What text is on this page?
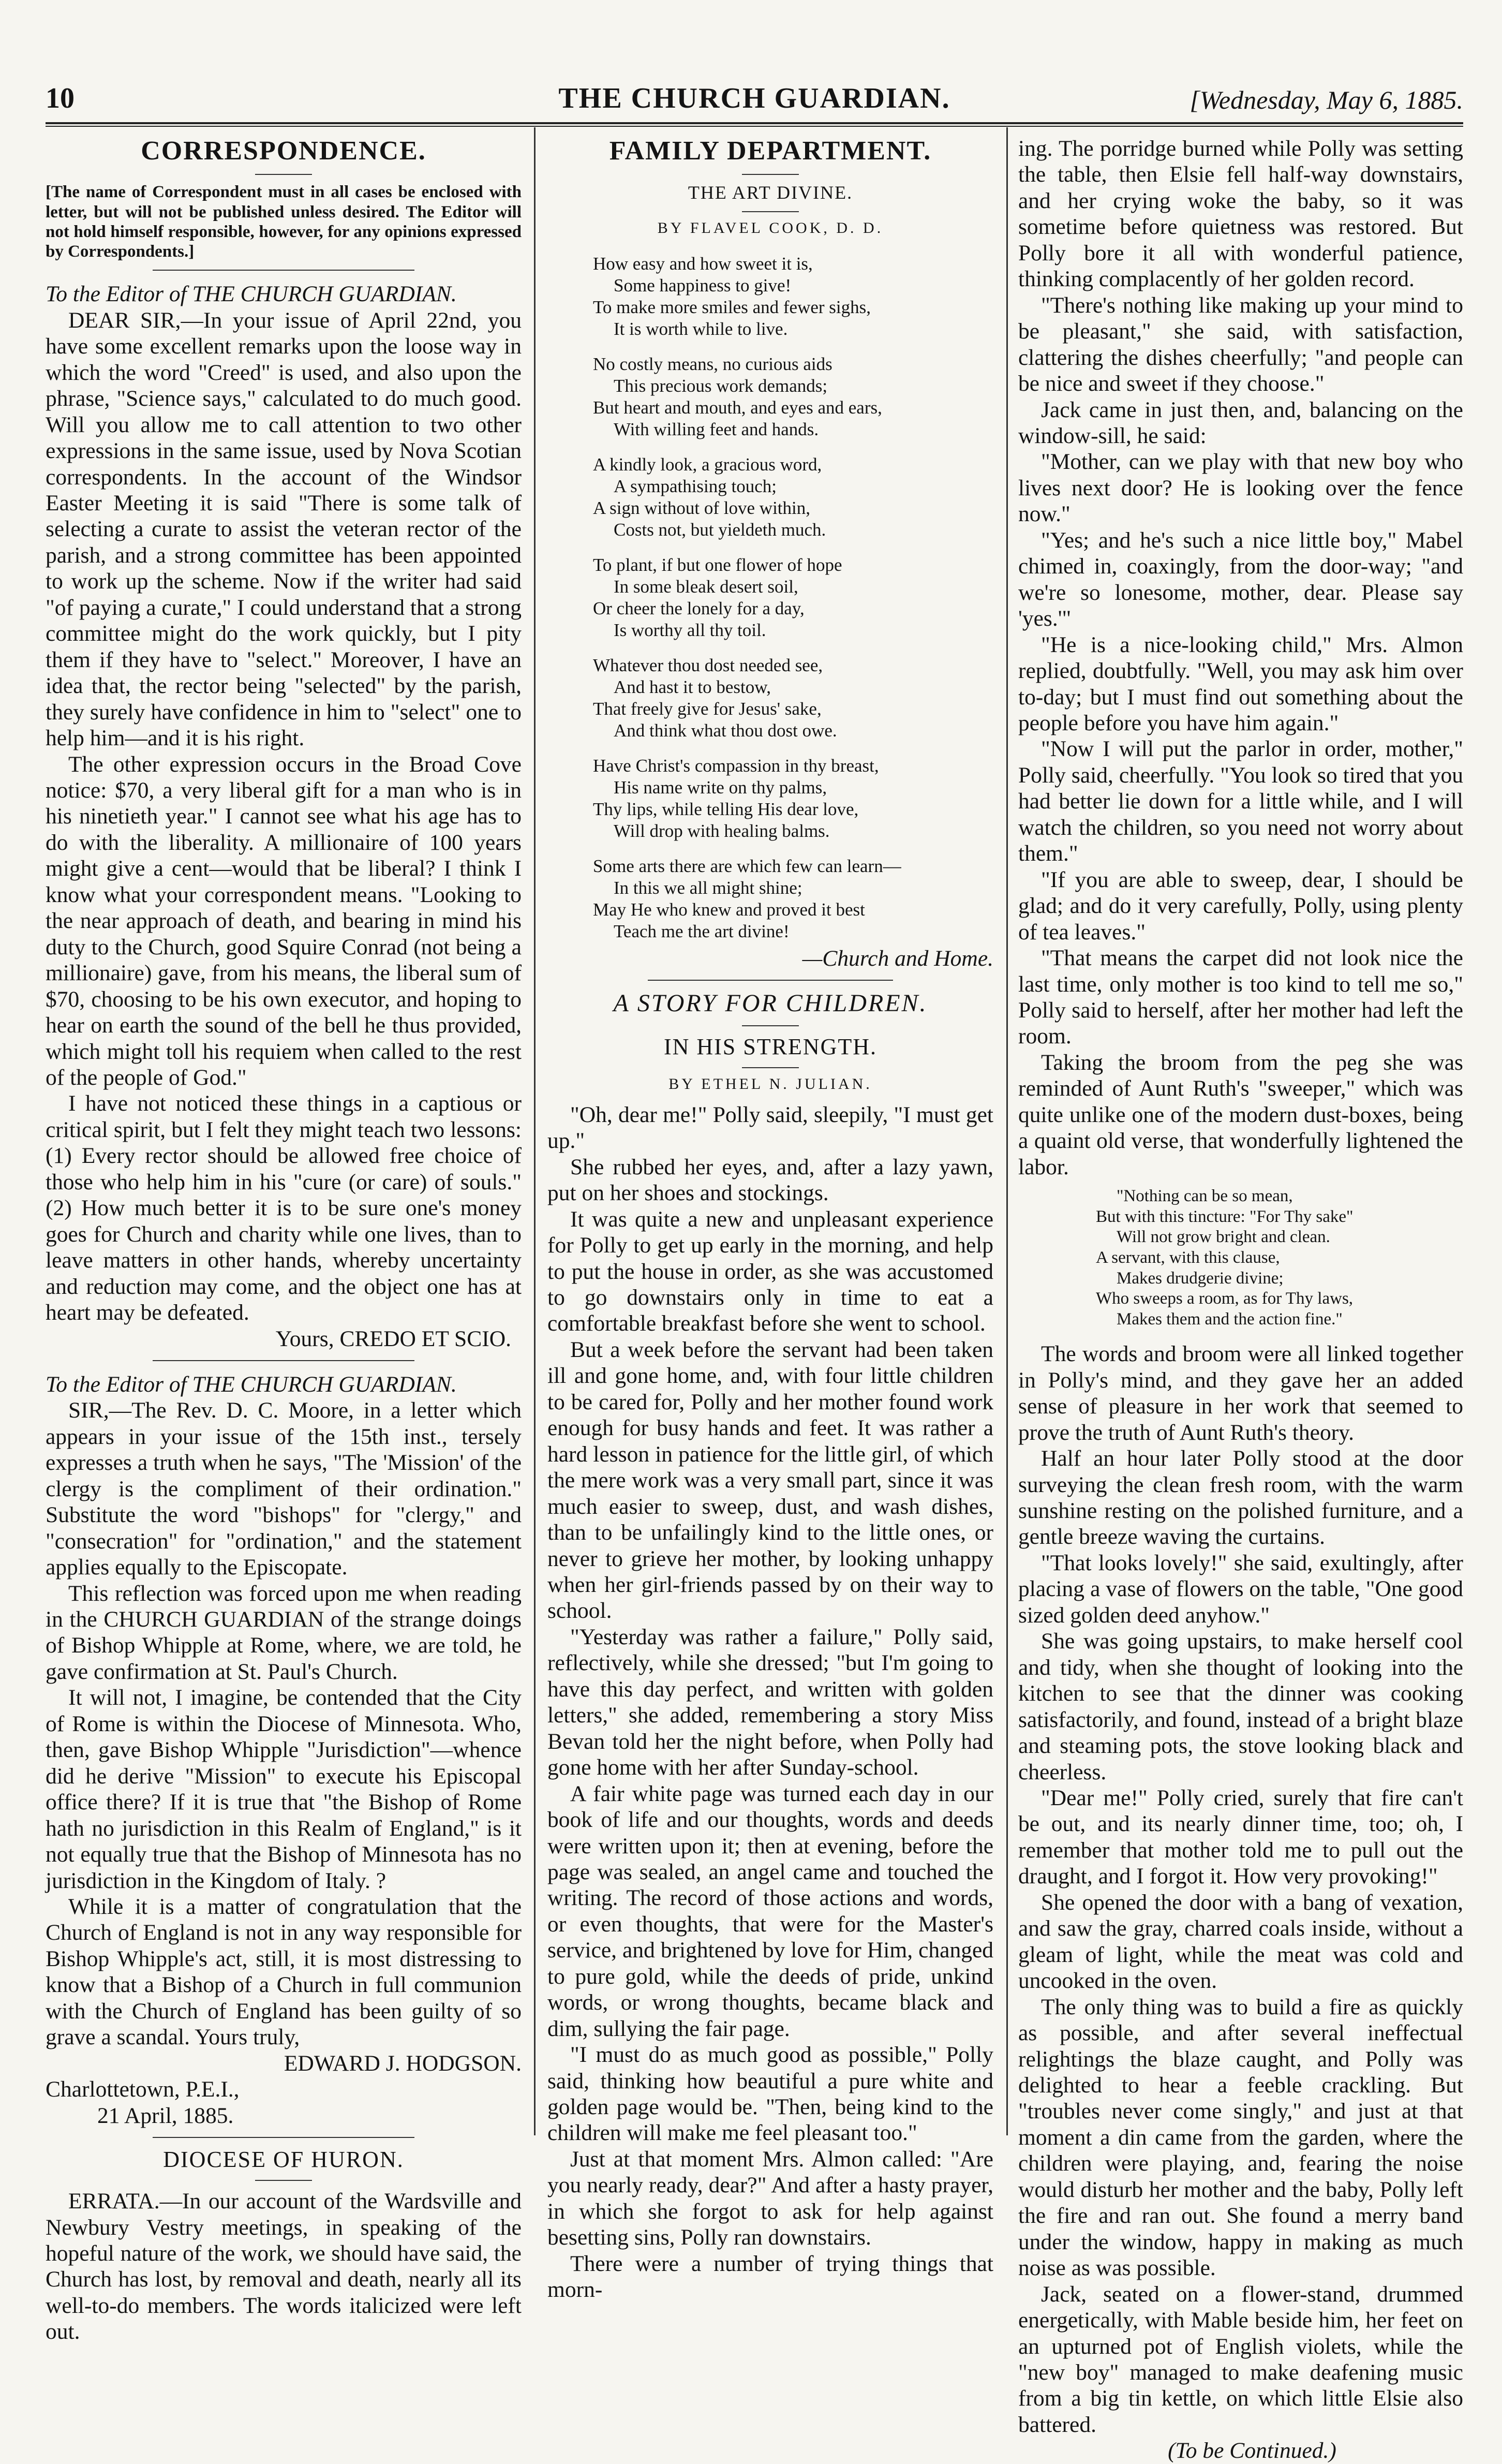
10	THE CHURCH GUARDIAN.	[Wednesday, May 6, 1885.
CORRESPONDENCE.

[The name of Correspondent must in all cases be enclosed with letter, but will not be published unless desired. The Editor will not hold himself responsible, however, for any opinions expressed by Correspondents.]

To the Editor of THE CHURCH GUARDIAN.

DEAR SIR,—In your issue of April 22nd, you have some excellent remarks upon the loose way in which the word "Creed" is used, and also upon the phrase, "Science says," calculated to do much good. Will you allow me to call attention to two other expressions in the same issue, used by Nova Scotian correspondents. In the account of the Windsor Easter Meeting it is said "There is some talk of selecting a curate to assist the veteran rector of the parish, and a strong committee has been appointed to work up the scheme. Now if the writer had said "of paying a curate," I could understand that a strong committee might do the work quickly, but I pity them if they have to "select." Moreover, I have an idea that, the rector being "selected" by the parish, they surely have confidence in him to "select" one to help him—and it is his right.

The other expression occurs in the Broad Cove notice: $70, a very liberal gift for a man who is in his ninetieth year." I cannot see what his age has to do with the liberality. A millionaire of 100 years might give a cent—would that be liberal? I think I know what your correspondent means. "Looking to the near approach of death, and bearing in mind his duty to the Church, good Squire Conrad (not being a millionaire) gave, from his means, the liberal sum of $70, choosing to be his own executor, and hoping to hear on earth the sound of the bell he thus provided, which might toll his requiem when called to the rest of the people of God."

I have not noticed these things in a captious or critical spirit, but I felt they might teach two lessons: (1) Every rector should be allowed free choice of those who help him in his "cure (or care) of souls." (2) How much better it is to be sure one's money goes for Church and charity while one lives, than to leave matters in other hands, whereby uncertainty and reduction may come, and the object one has at heart may be defeated.

Yours, CREDO ET SCIO.

To the Editor of THE CHURCH GUARDIAN.

SIR,—The Rev. D. C. Moore, in a letter which appears in your issue of the 15th inst., tersely expresses a truth when he says, "The 'Mission' of the clergy is the compliment of their ordination." Substitute the word "bishops" for "clergy," and "consecration" for "ordination," and the statement applies equally to the Episcopate.

This reflection was forced upon me when reading in the CHURCH GUARDIAN of the strange doings of Bishop Whipple at Rome, where, we are told, he gave confirmation at St. Paul's Church.

It will not, I imagine, be contended that the City of Rome is within the Diocese of Minnesota. Who, then, gave Bishop Whipple "Jurisdiction"—whence did he derive "Mission" to execute his Episcopal office there? If it is true that "the Bishop of Rome hath no jurisdiction in this Realm of England," is it not equally true that the Bishop of Minnesota has no jurisdiction in the Kingdom of Italy. ?

While it is a matter of congratulation that the Church of England is not in any way responsible for Bishop Whipple's act, still, it is most distressing to know that a Bishop of a Church in full communion with the Church of England has been guilty of so grave a scandal. Yours truly,

EDWARD J. HODGSON.

Charlottetown, P.E.I.,

21 April, 1885.

DIOCESE OF HURON.

ERRATA.—In our account of the Wardsville and Newbury Vestry meetings, in speaking of the hopeful nature of the work, we should have said, the Church has lost, by removal and death, nearly all its well-to-do members. The words italicized were left out.

FAMILY DEPARTMENT.
THE ART DIVINE.
BY FLAVEL COOK, D. D.
How easy and how sweet it is,
Some happiness to give!
To make more smiles and fewer sighs,
It is worth while to live.
No costly means, no curious aids
This precious work demands;
But heart and mouth, and eyes and ears,
With willing feet and hands.
A kindly look, a gracious word,
A sympathising touch;
A sign without of love within,
Costs not, but yieldeth much.
To plant, if but one flower of hope
In some bleak desert soil,
Or cheer the lonely for a day,
Is worthy all thy toil.
Whatever thou dost needed see,
And hast it to bestow,
That freely give for Jesus' sake,
And think what thou dost owe.
Have Christ's compassion in thy breast,
His name write on thy palms,
Thy lips, while telling His dear love,
Will drop with healing balms.
Some arts there are which few can learn—
In this we all might shine;
May He who knew and proved it best
Teach me the art divine!

—Church and Home.

A STORY FOR CHILDREN.
IN HIS STRENGTH.
BY ETHEL N. JULIAN.

"Oh, dear me!" Polly said, sleepily, "I must get up."

She rubbed her eyes, and, after a lazy yawn, put on her shoes and stockings.

It was quite a new and unpleasant experience for Polly to get up early in the morning, and help to put the house in order, as she was accustomed to go downstairs only in time to eat a comfortable breakfast before she went to school.

But a week before the servant had been taken ill and gone home, and, with four little children to be cared for, Polly and her mother found work enough for busy hands and feet. It was rather a hard lesson in patience for the little girl, of which the mere work was a very small part, since it was much easier to sweep, dust, and wash dishes, than to be unfailingly kind to the little ones, or never to grieve her mother, by looking unhappy when her girl-friends passed by on their way to school.

"Yesterday was rather a failure," Polly said, reflectively, while she dressed; "but I'm going to have this day perfect, and written with golden letters," she added, remembering a story Miss Bevan told her the night before, when Polly had gone home with her after Sunday-school.

A fair white page was turned each day in our book of life and our thoughts, words and deeds were written upon it; then at evening, before the page was sealed, an angel came and touched the writing. The record of those actions and words, or even thoughts, that were for the Master's service, and brightened by love for Him, changed to pure gold, while the deeds of pride, unkind words, or wrong thoughts, became black and dim, sullying the fair page.

"I must do as much good as possible," Polly said, thinking how beautiful a pure white and golden page would be. "Then, being kind to the children will make me feel pleasant too."

Just at that moment Mrs. Almon called: "Are you nearly ready, dear?" And after a hasty prayer, in which she forgot to ask for help against besetting sins, Polly ran downstairs.

There were a number of trying things that morn-

ing. The porridge burned while Polly was setting the table, then Elsie fell half-way downstairs, and her crying woke the baby, so it was sometime before quietness was restored. But Polly bore it all with wonderful patience, thinking complacently of her golden record.

"There's nothing like making up your mind to be pleasant," she said, with satisfaction, clattering the dishes cheerfully; "and people can be nice and sweet if they choose."

Jack came in just then, and, balancing on the window-sill, he said:

"Mother, can we play with that new boy who lives next door? He is looking over the fence now."

"Yes; and he's such a nice little boy," Mabel chimed in, coaxingly, from the door-way; "and we're so lonesome, mother, dear. Please say 'yes.'"

"He is a nice-looking child," Mrs. Almon replied, doubtfully. "Well, you may ask him over to-day; but I must find out something about the people before you have him again."

"Now I will put the parlor in order, mother," Polly said, cheerfully. "You look so tired that you had better lie down for a little while, and I will watch the children, so you need not worry about them."

"If you are able to sweep, dear, I should be glad; and do it very carefully, Polly, using plenty of tea leaves."

"That means the carpet did not look nice the last time, only mother is too kind to tell me so," Polly said to herself, after her mother had left the room.

Taking the broom from the peg she was reminded of Aunt Ruth's "sweeper," which was quite unlike one of the modern dust-boxes, being a quaint old verse, that wonderfully lightened the labor.

"Nothing can be so mean,
But with this tincture: "For Thy sake"
Will not grow bright and clean.
A servant, with this clause,
Makes drudgerie divine;
Who sweeps a room, as for Thy laws,
Makes them and the action fine."

The words and broom were all linked together in Polly's mind, and they gave her an added sense of pleasure in her work that seemed to prove the truth of Aunt Ruth's theory.

Half an hour later Polly stood at the door surveying the clean fresh room, with the warm sunshine resting on the polished furniture, and a gentle breeze waving the curtains.

"That looks lovely!" she said, exultingly, after placing a vase of flowers on the table, "One good sized golden deed anyhow."

She was going upstairs, to make herself cool and tidy, when she thought of looking into the kitchen to see that the dinner was cooking satisfactorily, and found, instead of a bright blaze and steaming pots, the stove looking black and cheerless.

"Dear me!" Polly cried, surely that fire can't be out, and its nearly dinner time, too; oh, I remember that mother told me to pull out the draught, and I forgot it. How very provoking!"

She opened the door with a bang of vexation, and saw the gray, charred coals inside, without a gleam of light, while the meat was cold and uncooked in the oven.

The only thing was to build a fire as quickly as possible, and after several ineffectual relightings the blaze caught, and Polly was delighted to hear a feeble crackling. But "troubles never come singly," and just at that moment a din came from the garden, where the children were playing, and, fearing the noise would disturb her mother and the baby, Polly left the fire and ran out. She found a merry band under the window, happy in making as much noise as was possible.

Jack, seated on a flower-stand, drummed energetically, with Mable beside him, her feet on an upturned pot of English violets, while the "new boy" managed to make deafening music from a big tin kettle, on which little Elsie also battered.

(To be Continued.)
